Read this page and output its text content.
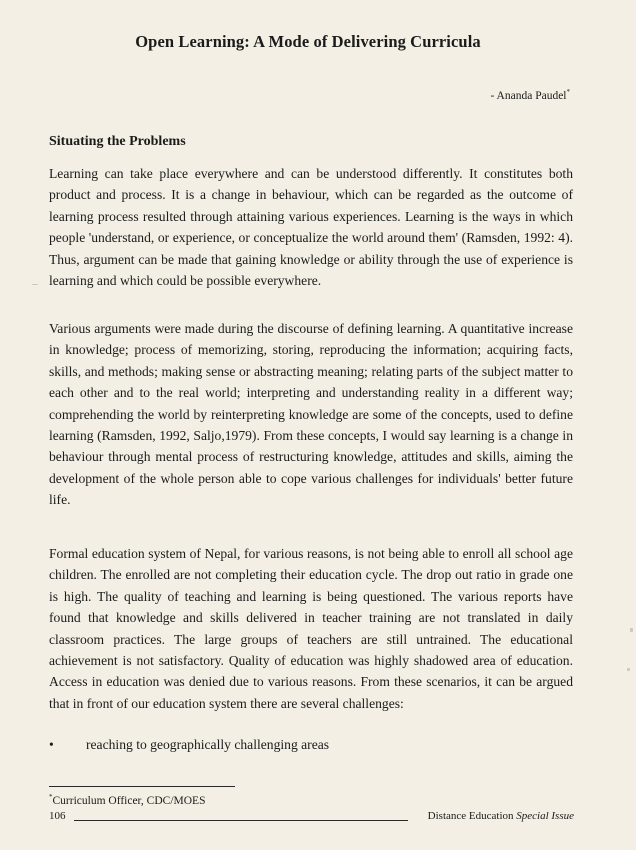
Open Learning: A Mode of Delivering Curricula
- Ananda Paudel*
Situating the Problems

Learning can take place everywhere and can be understood differently. It constitutes both product and process. It is a change in behaviour, which can be regarded as the outcome of learning process resulted through attaining various experiences. Learning is the ways in which people 'understand, or experience, or conceptualize the world around them' (Ramsden, 1992: 4). Thus, argument can be made that gaining knowledge or ability through the use of experience is learning and which could be possible everywhere.

Various arguments were made during the discourse of defining learning. A quantitative increase in knowledge; process of memorizing, storing, reproducing the information; acquiring facts, skills, and methods; making sense or abstracting meaning; relating parts of the subject matter to each other and to the real world; interpreting and understanding reality in a different way; comprehending the world by reinterpreting knowledge are some of the concepts, used to define learning (Ramsden, 1992, Saljo,1979). From these concepts, I would say learning is a change in behaviour through mental process of restructuring knowledge, attitudes and skills, aiming the development of the whole person able to cope various challenges for individuals' better future life.

Formal education system of Nepal, for various reasons, is not being able to enroll all school age children. The enrolled are not completing their education cycle. The drop out ratio in grade one is high. The quality of teaching and learning is being questioned. The various reports have found that knowledge and skills delivered in teacher training are not translated in daily classroom practices. The large groups of teachers are still untrained. The educational achievement is not satisfactory. Quality of education was highly shadowed area of education. Access in education was denied due to various reasons. From these scenarios, it can be argued that in front of our education system there are several challenges:

• reaching to geographically challenging areas
*Curriculum Officer, CDC/MOES
106	Distance Education Special Issue
